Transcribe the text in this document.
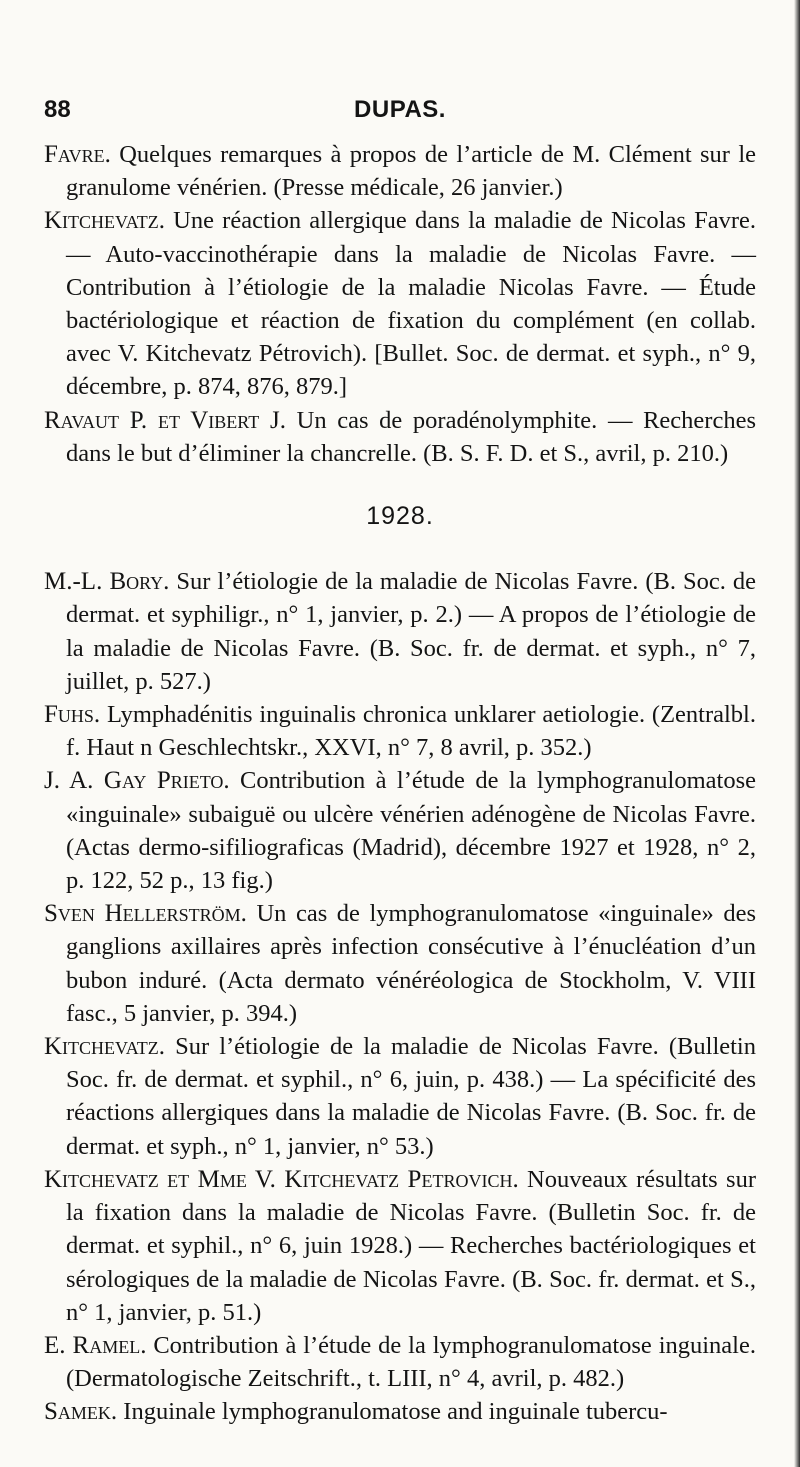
88	DUPAS.

Favre. Quelques remarques à propos de l’article de M. Clément sur le granulome vénérien. (Presse médicale, 26 janvier.)

Kitchevatz. Une réaction allergique dans la maladie de Nicolas Favre. — Auto-vaccinothérapie dans la maladie de Nicolas Favre. — Contribution à l’étiologie de la maladie Nicolas Favre. — Étude bactériologique et réaction de fixation du complément (en collab. avec V. Kitchevatz Pétrovich). [Bullet. Soc. de dermat. et syph., n° 9, décembre, p. 874, 876, 879.]

Ravaut P. et Vibert J. Un cas de poradénolymphite. — Recherches dans le but d’éliminer la chancrelle. (B. S. F. D. et S., avril, p. 210.)

1928.

M.-L. Bory. Sur l’étiologie de la maladie de Nicolas Favre. (B. Soc. de dermat. et syphiligr., n° 1, janvier, p. 2.) — A propos de l’étiologie de la maladie de Nicolas Favre. (B. Soc. fr. de dermat. et syph., n° 7, juillet, p. 527.)

Fuhs. Lymphadénitis inguinalis chronica unklarer aetiologie. (Zentralbl. f. Haut n Geschlechtskr., XXVI, n° 7, 8 avril, p. 352.)

J. A. Gay Prieto. Contribution à l’étude de la lymphogranulomatose «inguinale» subaiguë ou ulcère vénérien adénogène de Nicolas Favre. (Actas dermo-sifiliograficas (Madrid), décembre 1927 et 1928, n° 2, p. 122, 52 p., 13 fig.)

Sven Hellerström. Un cas de lymphogranulomatose «inguinale» des ganglions axillaires après infection consécutive à l’énucléation d’un bubon induré. (Acta dermato vénéréologica de Stockholm, V. VIII fasc., 5 janvier, p. 394.)

Kitchevatz. Sur l’étiologie de la maladie de Nicolas Favre. (Bulletin Soc. fr. de dermat. et syphil., n° 6, juin, p. 438.) — La spécificité des réactions allergiques dans la maladie de Nicolas Favre. (B. Soc. fr. de dermat. et syph., n° 1, janvier, n° 53.)

Kitchevatz et Mme V. Kitchevatz Petrovich. Nouveaux résultats sur la fixation dans la maladie de Nicolas Favre. (Bulletin Soc. fr. de dermat. et syphil., n° 6, juin 1928.) — Recherches bactériologiques et sérologiques de la maladie de Nicolas Favre. (B. Soc. fr. dermat. et S., n° 1, janvier, p. 51.)

E. Ramel. Contribution à l’étude de la lymphogranulomatose inguinale. (Dermatologische Zeitschrift., t. LIII, n° 4, avril, p. 482.)

Samek. Inguinale lymphogranulomatose and inguinale tubercu-
